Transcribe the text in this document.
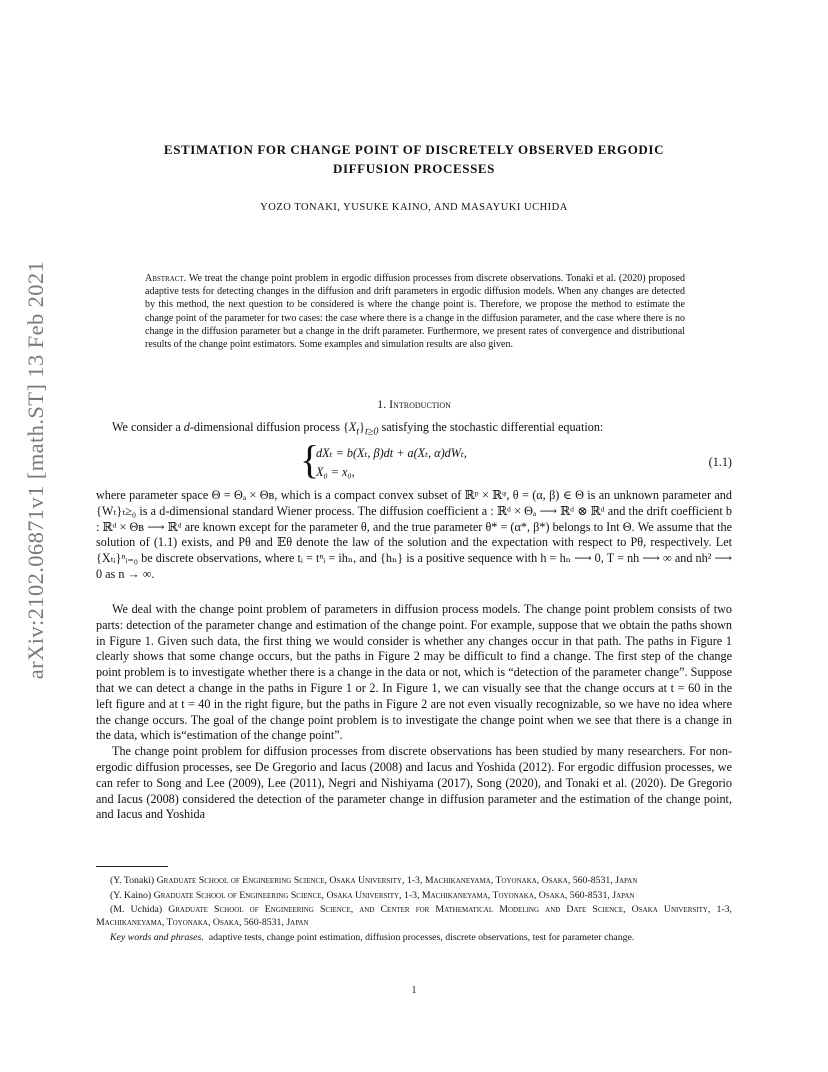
arXiv:2102.06871v1 [math.ST] 13 Feb 2021
ESTIMATION FOR CHANGE POINT OF DISCRETELY OBSERVED ERGODIC
DIFFUSION PROCESSES
YOZO TONAKI, YUSUKE KAINO, AND MASAYUKI UCHIDA
Abstract. We treat the change point problem in ergodic diffusion processes from discrete observations. Tonaki et al. (2020) proposed adaptive tests for detecting changes in the diffusion and drift parameters in ergodic diffusion models. When any changes are detected by this method, the next question to be considered is where the change point is. Therefore, we propose the method to estimate the change point of the parameter for two cases: the case where there is a change in the diffusion parameter, and the case where there is no change in the diffusion parameter but a change in the drift parameter. Furthermore, we present rates of convergence and distributional results of the change point estimators. Some examples and simulation results are also given.
1. Introduction
We consider a d-dimensional diffusion process $\{X_t\}_{t\ge 0}$ satisfying the stochastic differential equation:
{
dXₜ = b(Xₜ, β)dt + a(Xₜ, α)dWₜ,
X₀ = x₀,
(1.1)

where parameter space Θ = Θₐ × Θʙ, which is a compact convex subset of ℝᵖ × ℝᵠ, θ = (α, β) ∈ Θ is an unknown parameter and {Wₜ}ₜ≥₀ is a d-dimensional standard Wiener process. The diffusion coefficient a : ℝᵈ × Θₐ ⟶ ℝᵈ ⊗ ℝᵈ and the drift coefficient b : ℝᵈ × Θʙ ⟶ ℝᵈ are known except for the parameter θ, and the true parameter θ* = (α*, β*) belongs to Int Θ. We assume that the solution of (1.1) exists, and Pθ and 𝔼θ denote the law of the solution and the expectation with respect to Pθ, respectively. Let {Xₜᵢ}ⁿᵢ₌₀ be discrete observations, where tᵢ = tⁿᵢ = ihₙ, and {hₙ} is a positive sequence with h = hₙ ⟶ 0, T = nh ⟶ ∞ and nh² ⟶ 0 as n → ∞.

We deal with the change point problem of parameters in diffusion process models. The change point problem consists of two parts: detection of the parameter change and estimation of the change point. For example, suppose that we obtain the paths shown in Figure 1. Given such data, the first thing we would consider is whether any changes occur in that path. The paths in Figure 1 clearly shows that some change occurs, but the paths in Figure 2 may be difficult to find a change. The first step of the change point problem is to investigate whether there is a change in the data or not, which is “detection of the parameter change”. Suppose that we can detect a change in the paths in Figure 1 or 2. In Figure 1, we can visually see that the change occurs at t = 60 in the left figure and at t = 40 in the right figure, but the paths in Figure 2 are not even visually recognizable, so we have no idea where the change occurs. The goal of the change point problem is to investigate the change point when we see that there is a change in the data, which is“estimation of the change point”.

The change point problem for diffusion processes from discrete observations has been studied by many researchers. For non-ergodic diffusion processes, see De Gregorio and Iacus (2008) and Iacus and Yoshida (2012). For ergodic diffusion processes, we can refer to Song and Lee (2009), Lee (2011), Negri and Nishiyama (2017), Song (2020), and Tonaki et al. (2020). De Gregorio and Iacus (2008) considered the detection of the parameter change in diffusion parameter and the estimation of the change point, and Iacus and Yoshida

(Y. Tonaki) Graduate School of Engineering Science, Osaka University, 1-3, Machikaneyama, Toyonaka, Osaka, 560-8531, Japan

(Y. Kaino) Graduate School of Engineering Science, Osaka University, 1-3, Machikaneyama, Toyonaka, Osaka, 560-8531, Japan

(M. Uchida) Graduate School of Engineering Science, and Center for Mathematical Modeling and Date Science, Osaka University, 1-3, Machikaneyama, Toyonaka, Osaka, 560-8531, Japan

Key words and phrases. adaptive tests, change point estimation, diffusion processes, discrete observations, test for parameter change.

1
